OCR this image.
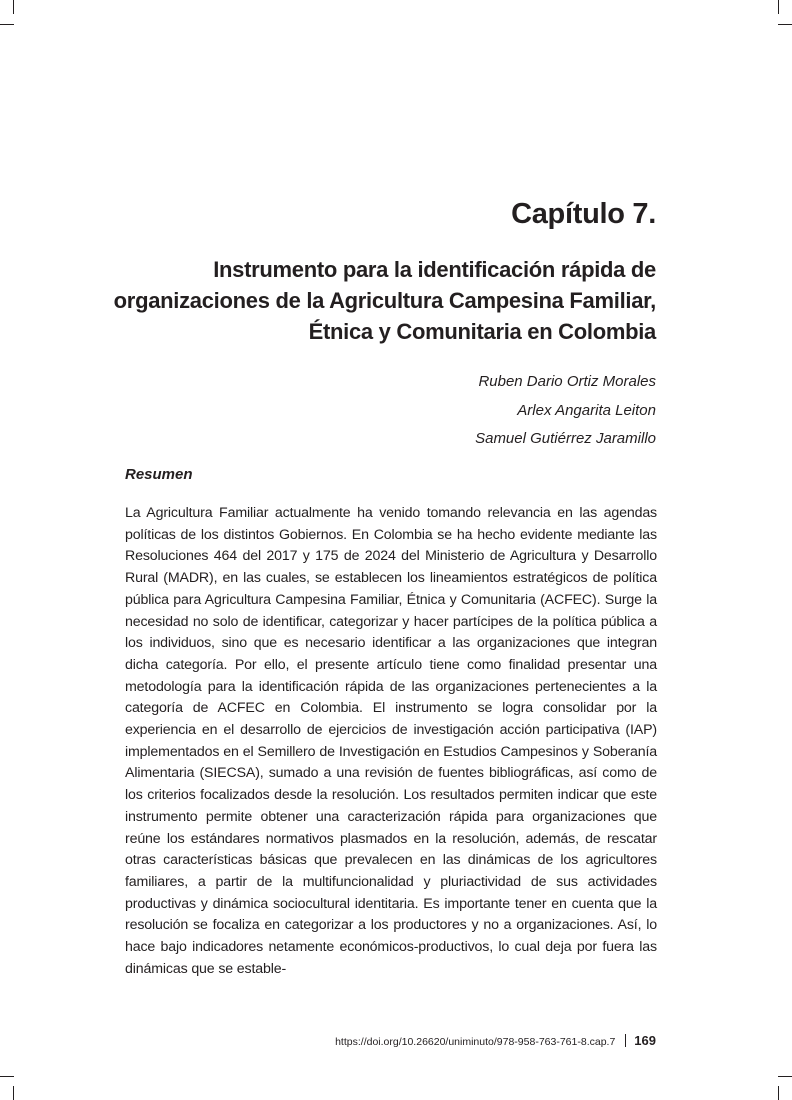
Capítulo 7.
Instrumento para la identificación rápida de organizaciones de la Agricultura Campesina Familiar, Étnica y Comunitaria en Colombia
Ruben Dario Ortiz Morales
Arlex Angarita Leiton
Samuel Gutiérrez Jaramillo
Resumen

La Agricultura Familiar actualmente ha venido tomando relevancia en las agendas políticas de los distintos Gobiernos. En Colombia se ha hecho evidente mediante las Resoluciones 464 del 2017 y 175 de 2024 del Ministerio de Agricultura y Desarrollo Rural (MADR), en las cuales, se establecen los lineamientos estratégicos de política pública para Agricultura Campesina Familiar, Étnica y Comunitaria (ACFEC). Surge la necesidad no solo de identificar, categorizar y hacer partícipes de la política pública a los individuos, sino que es necesario identificar a las organizaciones que integran dicha categoría. Por ello, el presente artículo tiene como finalidad presentar una metodología para la identificación rápida de las organizaciones pertenecientes a la categoría de ACFEC en Colombia. El instrumento se logra consolidar por la experiencia en el desarrollo de ejercicios de investigación acción participativa (IAP) implementados en el Semillero de Investigación en Estudios Campesinos y Soberanía Alimentaria (SIECSA), sumado a una revisión de fuentes bibliográficas, así como de los criterios focalizados desde la resolución. Los resultados permiten indicar que este instrumento permite obtener una caracterización rápida para organizaciones que reúne los estándares normativos plasmados en la resolución, además, de rescatar otras características básicas que prevalecen en las dinámicas de los agricultores familiares, a partir de la multifuncionalidad y pluriactividad de sus actividades productivas y dinámica sociocultural identitaria. Es importante tener en cuenta que la resolución se focaliza en categorizar a los productores y no a organizaciones. Así, lo hace bajo indicadores netamente económicos-productivos, lo cual deja por fuera las dinámicas que se estable-

https://doi.org/10.26620/uniminuto/978-958-763-761-8.cap.7 169
